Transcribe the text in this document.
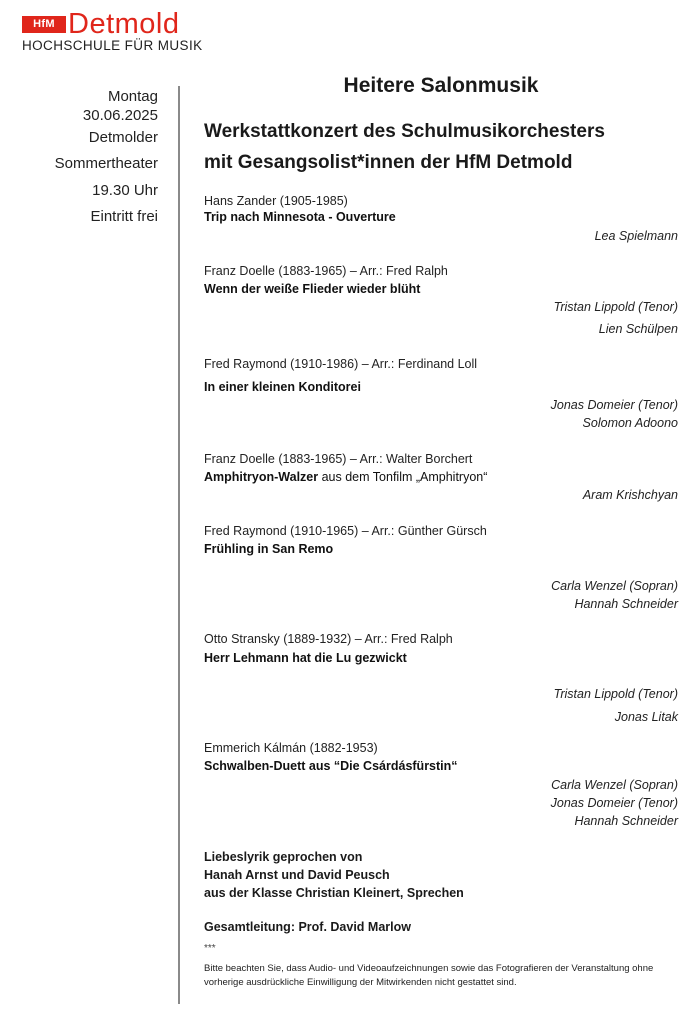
HfM Detmold
HOCHSCHULE FÜR MUSIK
Montag
30.06.2025
Detmolder
Sommertheater
19.30 Uhr
Eintritt frei
Heitere Salonmusik
Werkstattkonzert des Schulmusikorchesters
mit Gesangsolist*innen der HfM Detmold
Hans Zander (1905-1985)
Trip nach Minnesota - Ouverture
Lea Spielmann
Franz Doelle (1883-1965) – Arr.: Fred Ralph
Wenn der weiße Flieder wieder blüht
Tristan Lippold (Tenor)
Lien Schülpen
Fred Raymond (1910-1986) – Arr.: Ferdinand Loll
In einer kleinen Konditorei
Jonas Domeier (Tenor)
Solomon Adoono
Franz Doelle (1883-1965) – Arr.: Walter Borchert
Amphitryon-Walzer aus dem Tonfilm „Amphitryon“
Aram Krishchyan
Fred Raymond (1910-1965) – Arr.: Günther Gürsch
Frühling in San Remo
Carla Wenzel (Sopran)
Hannah Schneider
Otto Stransky (1889-1932) – Arr.: Fred Ralph
Herr Lehmann hat die Lu gezwickt
Tristan Lippold (Tenor)
Jonas Litak
Emmerich Kálmán (1882-1953)
Schwalben-Duett aus “Die Csárdásfürstin“
Carla Wenzel (Sopran)
Jonas Domeier (Tenor)
Hannah Schneider
Liebeslyrik geprochen von
Hanah Arnst und David Peusch
aus der Klasse Christian Kleinert, Sprechen
Gesamtleitung: Prof. David Marlow
***
Bitte beachten Sie, dass Audio- und Videoaufzeichnungen sowie das Fotografieren der Veranstaltung ohne vorherige ausdrückliche Einwilligung der Mitwirkenden nicht gestattet sind.
